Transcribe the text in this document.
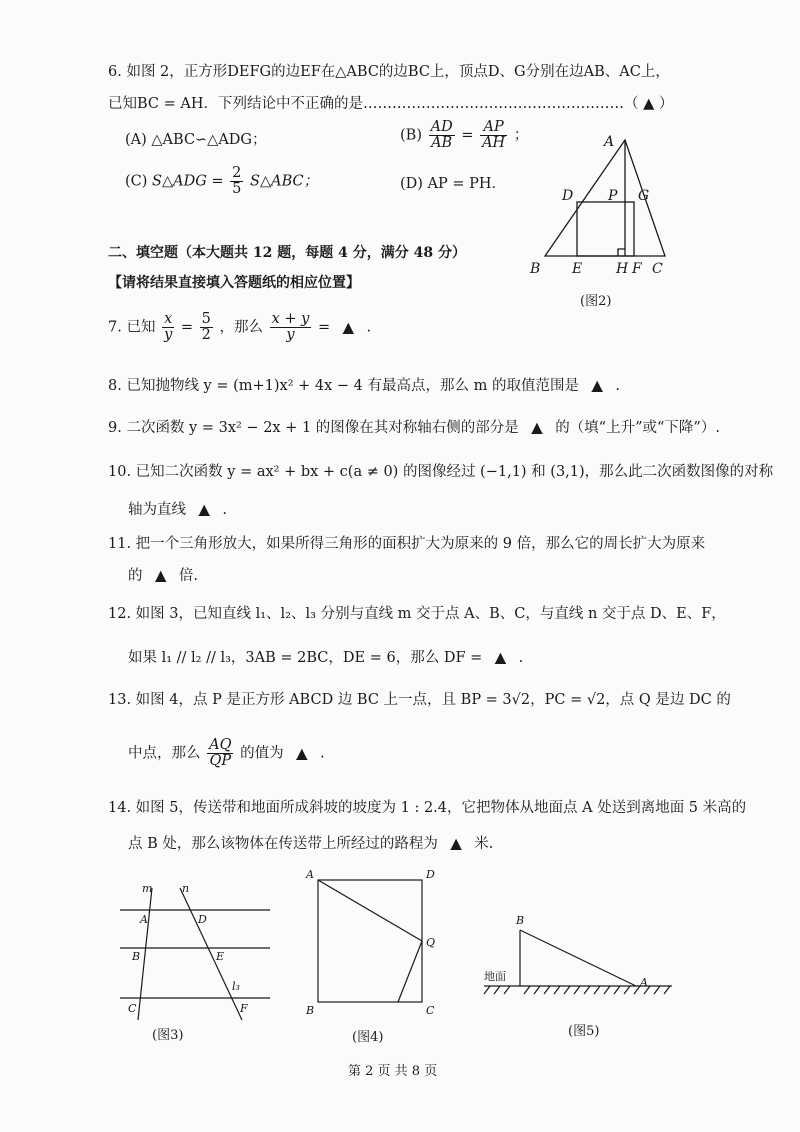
6. 如图 2，正方形DEFG的边EF在△ABC的边BC上，顶点D、G分别在边AB、AC上，
已知BC = AH．下列结论中不正确的是………………………………………………（ ▲ ）
(A) △ABC∽△ADG；	$(B) \frac{AD}{AB} = \frac{AP}{AH}$ ；
(C) S△ADG = $\frac{2}{5}$ S△ABC；	(D) AP = PH．
A
D P G
B E H F C
(图2)
二、填空题（本大题共 12 题，每题 4 分，满分 48 分）
【请将结果直接填入答题纸的相应位置】
7. 已知 $\frac{x}{y} = \frac{5}{2}$ ，那么 $\frac{x + y}{y}$ = ▲ .
8. 已知抛物线 y = (m+1)x² + 4x − 4 有最高点，那么 m 的取值范围是 ▲ .
9. 二次函数 y = 3x² − 2x + 1 的图像在其对称轴右侧的部分是 ▲ 的（填“上升”或“下降”）.
10. 已知二次函数 y = ax² + bx + c(a ≠ 0) 的图像经过 (−1,1) 和 (3,1)，那么此二次函数图像的对称
轴为直线 ▲ .
11. 把一个三角形放大，如果所得三角形的面积扩大为原来的 9 倍，那么它的周长扩大为原来
的 ▲ 倍.
12. 如图 3，已知直线 l₁、l₂、l₃ 分别与直线 m 交于点 A、B、C，与直线 n 交于点 D、E、F，
如果 l₁ // l₂ // l₃，3AB = 2BC，DE = 6，那么 DF = ▲ .
13. 如图 4，点 P 是正方形 ABCD 边 BC 上一点，且 BP = 3√2，PC = √2，点 Q 是边 DC 的
中点，那么 $\frac{AQ}{QP}$ 的值为 ▲ .
14. 如图 5，传送带和地面所成斜坡的坡度为 1 : 2.4，它把物体从地面点 A 处送到离地面 5 米高的
点 B 处，那么该物体在传送带上所经过的路程为 ▲ 米.
m	n
A	D
B	E
C	F
l₃
(图3)
A	D
Q
B	C
(图4)
B
A
地面
(图5)
第 2 页 共 8 页
